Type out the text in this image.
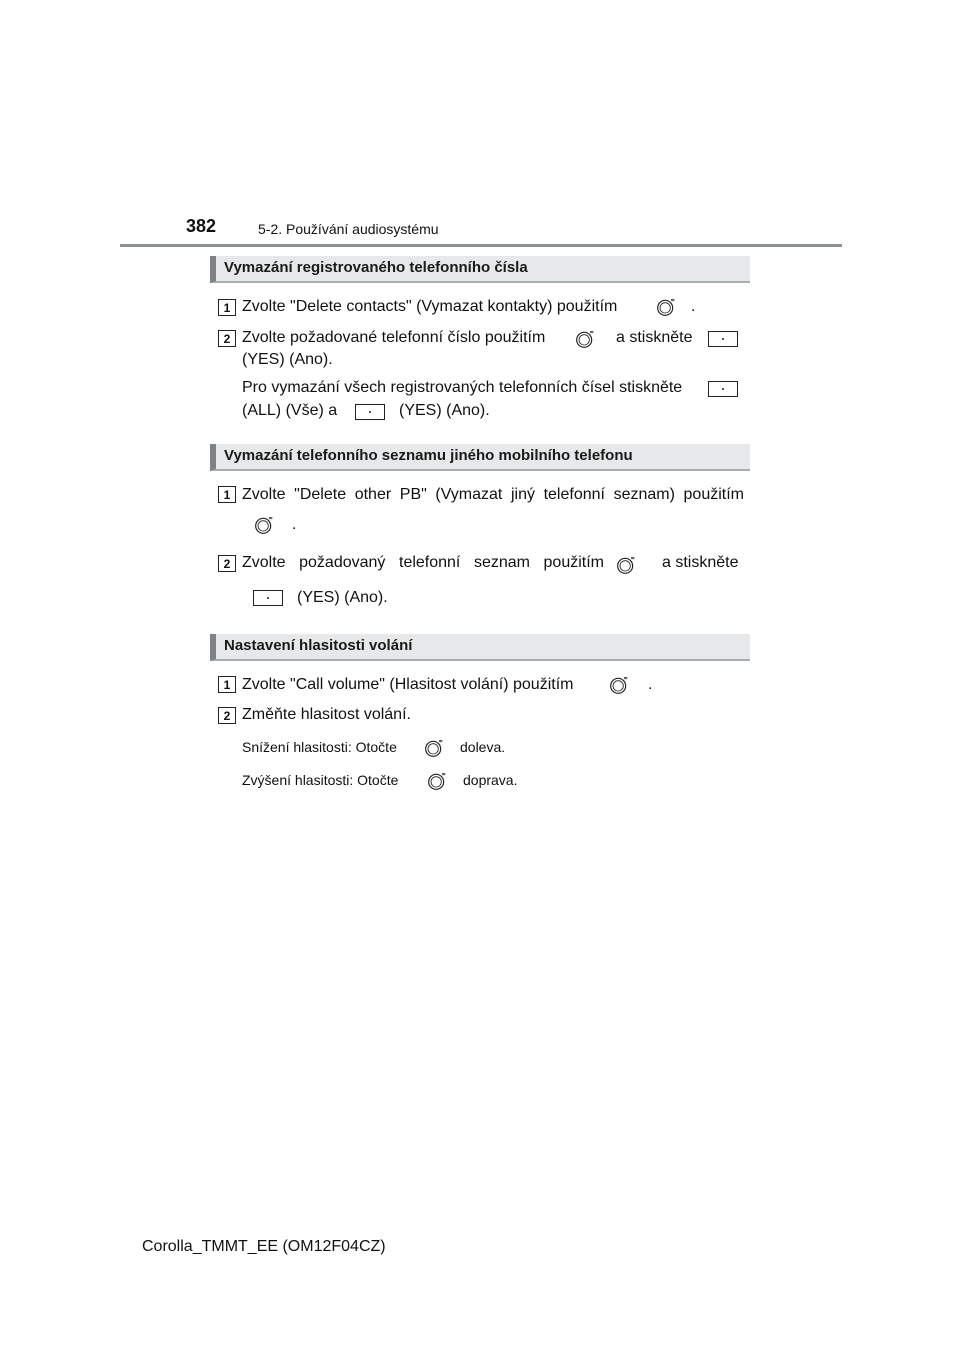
382	5-2. Používání audiosystému
Vymazání registrovaného telefonního čísla
1 Zvolte "Delete contacts" (Vymazat kontakty) použitím	.
2 Zvolte požadované telefonní číslo použitím	a stiskněte
(YES) (Ano).
Pro vymazání všech registrovaných telefonních čísel stiskněte
(ALL) (Vše) a	(YES) (Ano).
Vymazání telefonního seznamu jiného mobilního telefonu
1 Zvolte "Delete other PB" (Vymazat jiný telefonní seznam) použitím
.
2 Zvolte požadovaný telefonní seznam použitím	a stiskněte
(YES) (Ano).
Nastavení hlasitosti volání
1 Zvolte "Call volume" (Hlasitost volání) použitím	.
2 Změňte hlasitost volání.
Snížení hlasitosti: Otočte	doleva.
Zvýšení hlasitosti: Otočte	doprava.
Corolla_TMMT_EE (OM12F04CZ)
